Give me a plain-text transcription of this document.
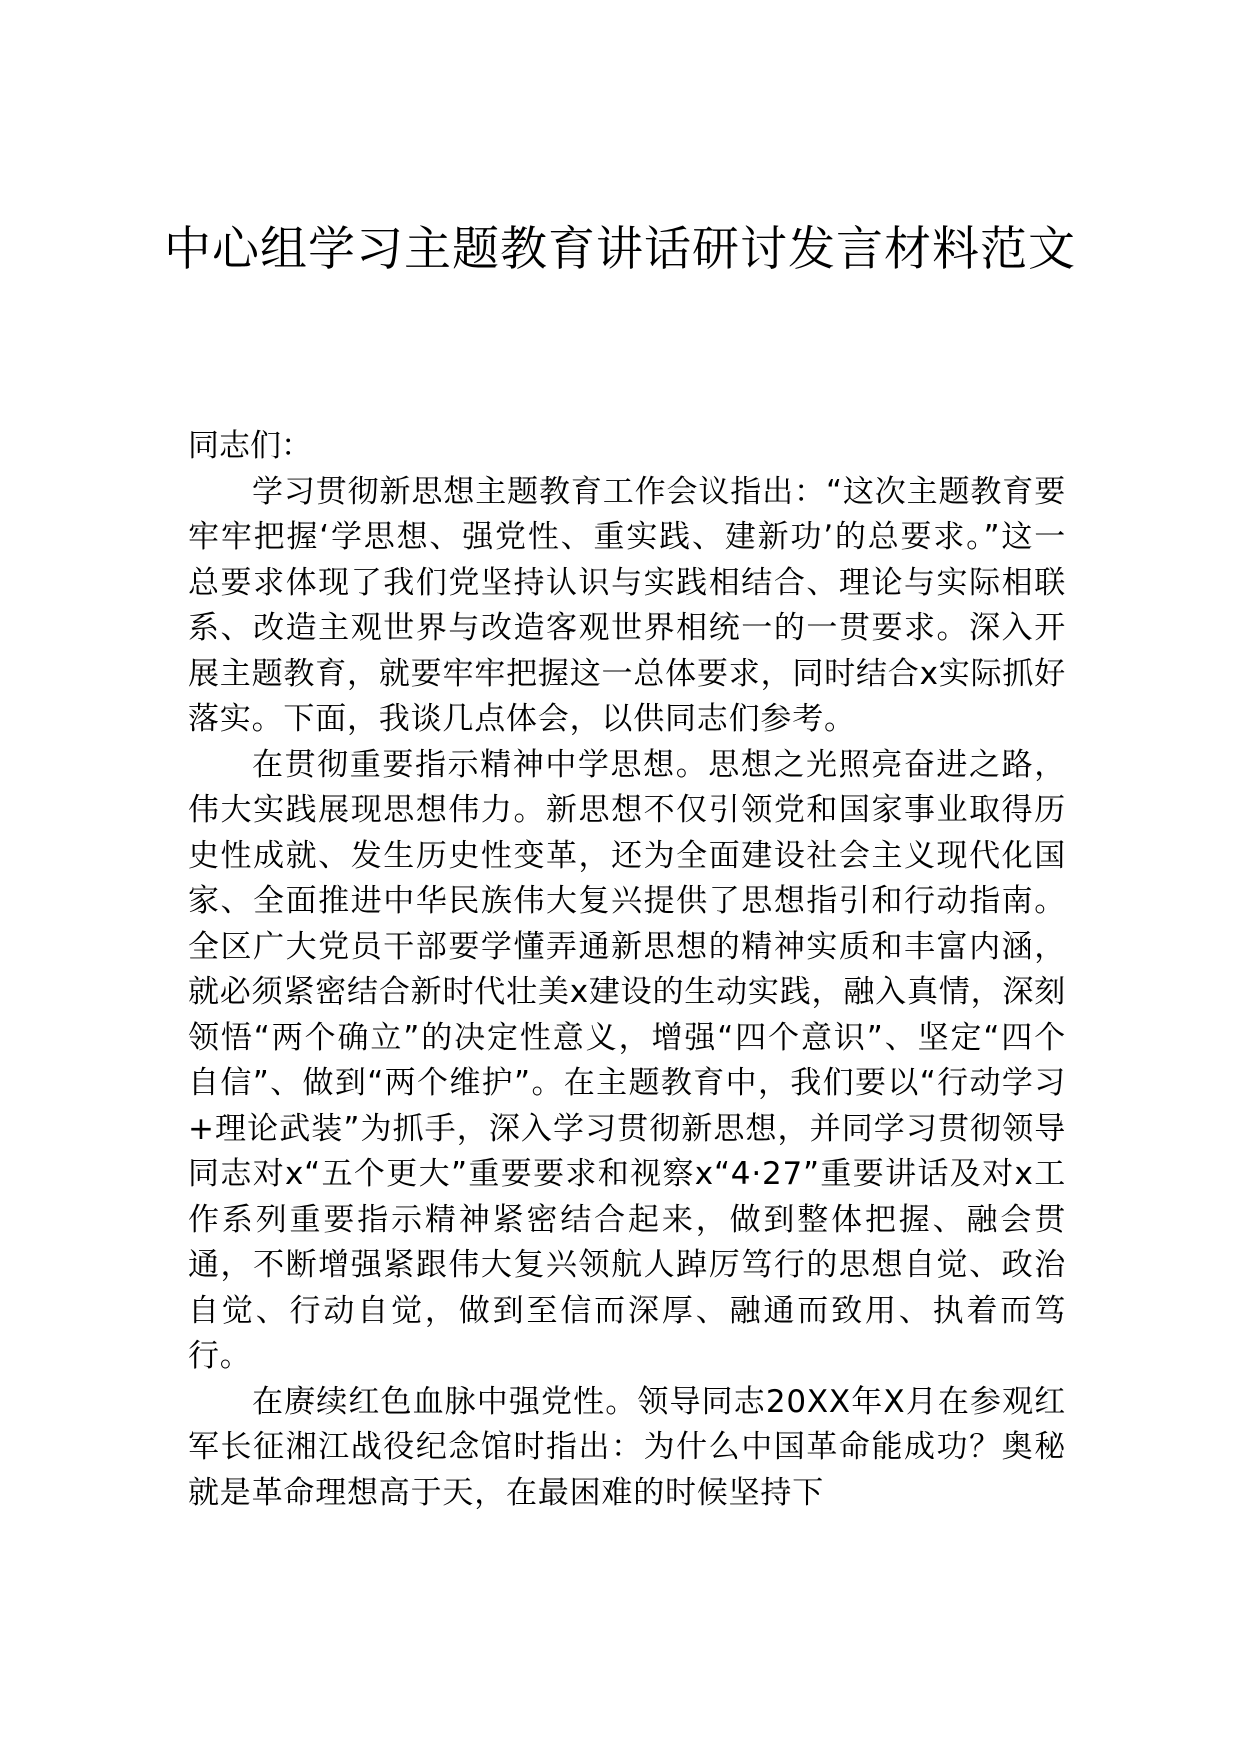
中心组学习主题教育讲话研讨发言材料范文

同志们：

学习贯彻新思想主题教育工作会议指出：“这次主题教育要牢牢把握‘学思想、强党性、重实践、建新功’的总要求。”这一总要求体现了我们党坚持认识与实践相结合、理论与实际相联系、改造主观世界与改造客观世界相统一的一贯要求。深入开展主题教育，就要牢牢把握这一总体要求，同时结合x实际抓好落实。下面，我谈几点体会，以供同志们参考。

在贯彻重要指示精神中学思想。思想之光照亮奋进之路，伟大实践展现思想伟力。新思想不仅引领党和国家事业取得历史性成就、发生历史性变革，还为全面建设社会主义现代化国家、全面推进中华民族伟大复兴提供了思想指引和行动指南。全区广大党员干部要学懂弄通新思想的精神实质和丰富内涵，就必须紧密结合新时代壮美x建设的生动实践，融入真情，深刻领悟“两个确立”的决定性意义，增强“四个意识”、坚定“四个自信”、做到“两个维护”。在主题教育中，我们要以“行动学习+理论武装”为抓手，深入学习贯彻新思想，并同学习贯彻领导同志对x“五个更大”重要要求和视察x“4·27”重要讲话及对x工作系列重要指示精神紧密结合起来，做到整体把握、融会贯通，不断增强紧跟伟大复兴领航人踔厉笃行的思想自觉、政治自觉、行动自觉，做到至信而深厚、融通而致用、执着而笃行。

在赓续红色血脉中强党性。领导同志20XX年X月在参观红军长征湘江战役纪念馆时指出：为什么中国革命能成功？奥秘就是革命理想高于天，在最困难的时候坚持下
